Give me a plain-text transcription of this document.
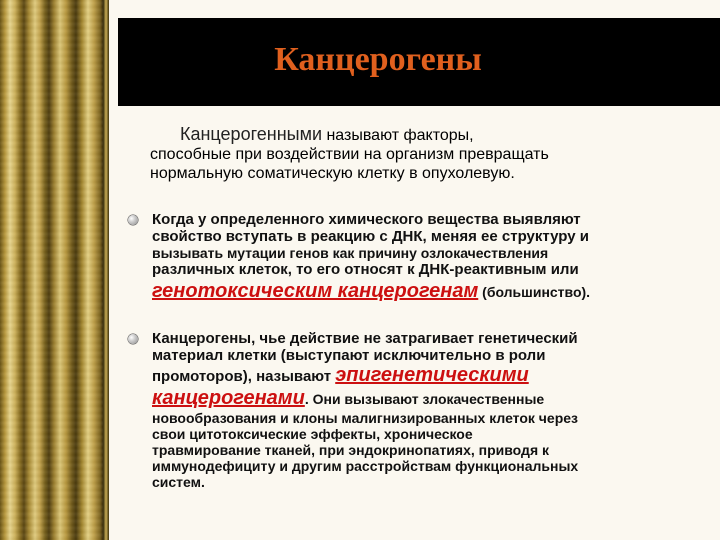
Канцерогены

Канцерогенными называют факторы,

способные при воздействии на организм превращать

нормальную соматическую клетку в опухолевую.

Когда у определенного химического вещества выявляют

свойство вступать в реакцию с ДНК, меняя ее структуру и

вызывать мутации генов как причину озлокачествления

различных клеток, то его относят к ДНК-реактивным или

генотоксическим канцерогенам (большинство).

Канцерогены, чье действие не затрагивает генетический

материал клетки (выступают исключительно в роли

промоторов), называют эпигенетическими

канцерогенами. Они вызывают злокачественные

новообразования и клоны малигнизированных клеток через

свои цитотоксические эффекты, хроническое

травмирование тканей, при эндокринопатиях, приводя к

иммунодефициту и другим расстройствам функциональных

систем.
